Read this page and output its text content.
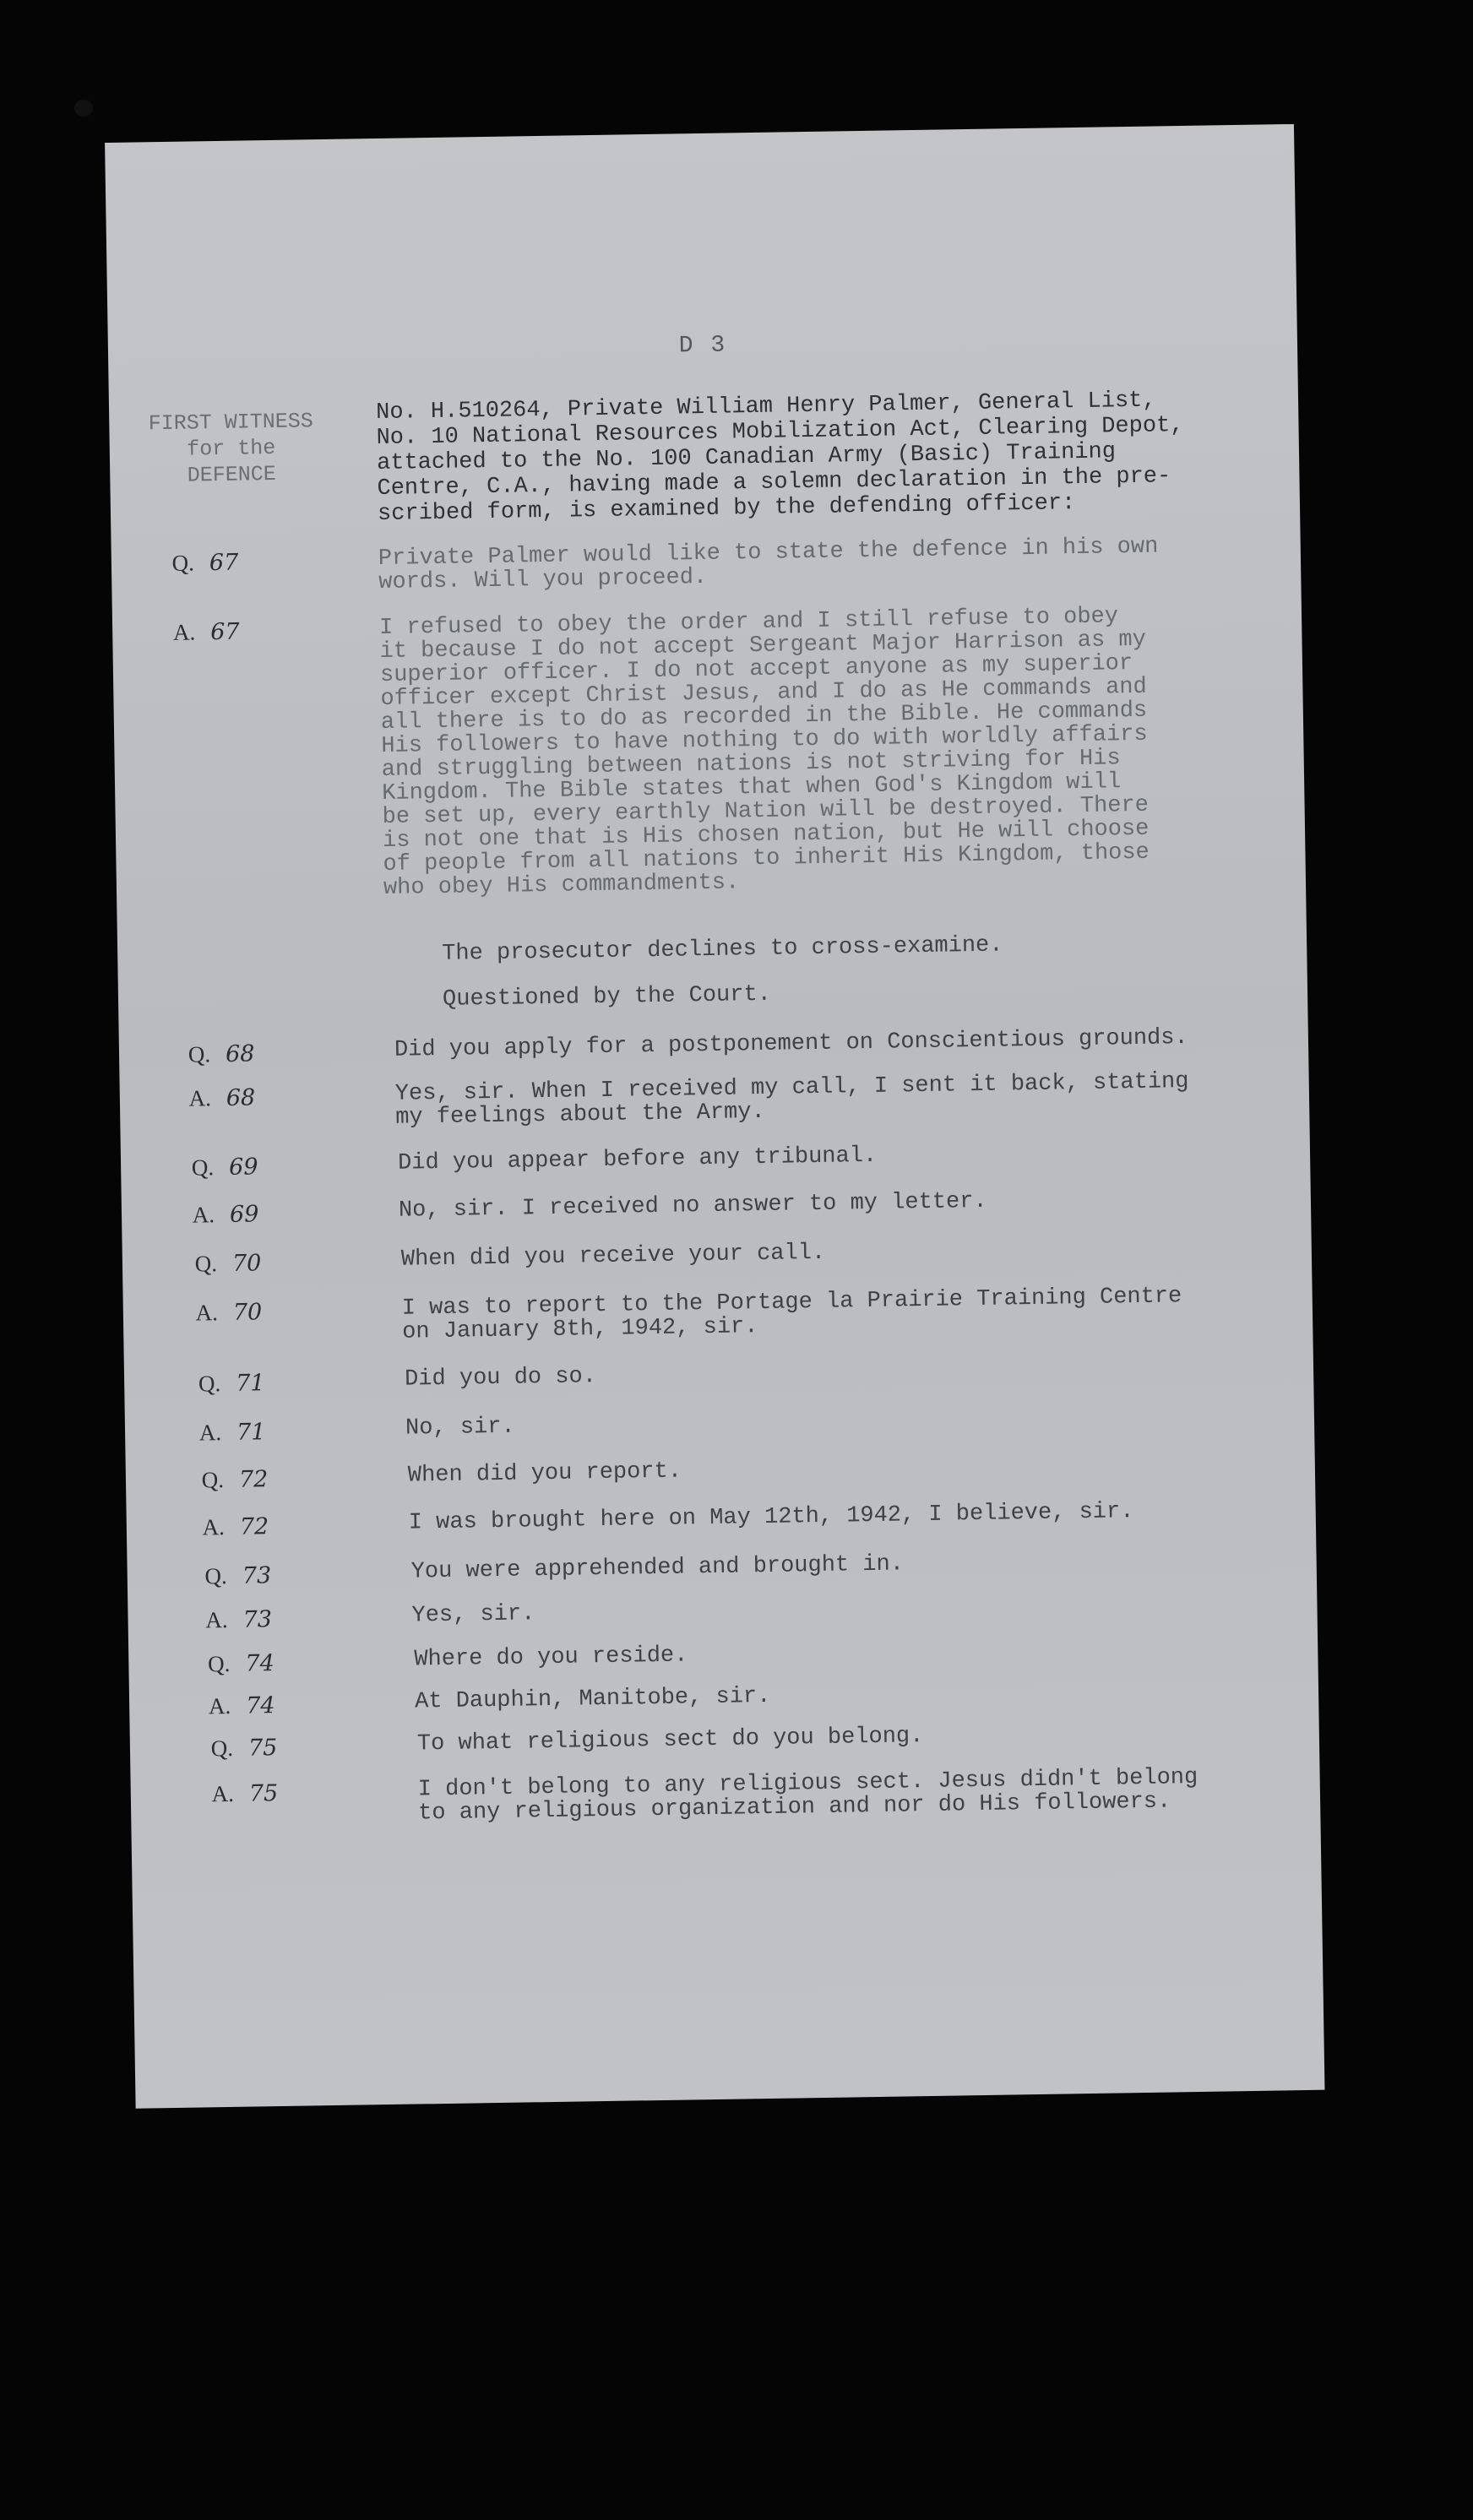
D 3
FIRST WITNESS
for the
DEFENCE
No. H.510264, Private William Henry Palmer, General List,
No. 10 National Resources Mobilization Act, Clearing Depot,
attached to the No. 100 Canadian Army (Basic) Training
Centre, C.A., having made a solemn declaration in the pre-
scribed form, is examined by the defending officer:
Q. 67	Private Palmer would like to state the defence in his own
words. Will you proceed.
A. 67	I refused to obey the order and I still refuse to obey
it because I do not accept Sergeant Major Harrison as my
superior officer. I do not accept anyone as my superior
officer except Christ Jesus, and I do as He commands and
all there is to do as recorded in the Bible. He commands
His followers to have nothing to do with worldly affairs
and struggling between nations is not striving for His
Kingdom. The Bible states that when God's Kingdom will
be set up, every earthly Nation will be destroyed. There
is not one that is His chosen nation, but He will choose
of people from all nations to inherit His Kingdom, those
who obey His commandments.
The prosecutor declines to cross-examine.
Questioned by the Court.
Q. 68	Did you apply for a postponement on Conscientious grounds.
A. 68	Yes, sir. When I received my call, I sent it back, stating
my feelings about the Army.
Q. 69	Did you appear before any tribunal.
A. 69	No, sir. I received no answer to my letter.
Q. 70	When did you receive your call.
A. 70	I was to report to the Portage la Prairie Training Centre
on January 8th, 1942, sir.
Q. 71	Did you do so.
A. 71	No, sir.
Q. 72	When did you report.
A. 72	I was brought here on May 12th, 1942, I believe, sir.
Q. 73	You were apprehended and brought in.
A. 73	Yes, sir.
Q. 74	Where do you reside.
A. 74	At Dauphin, Manitobe, sir.
Q. 75	To what religious sect do you belong.
A. 75	I don't belong to any religious sect. Jesus didn't belong
to any religious organization and nor do His followers.
